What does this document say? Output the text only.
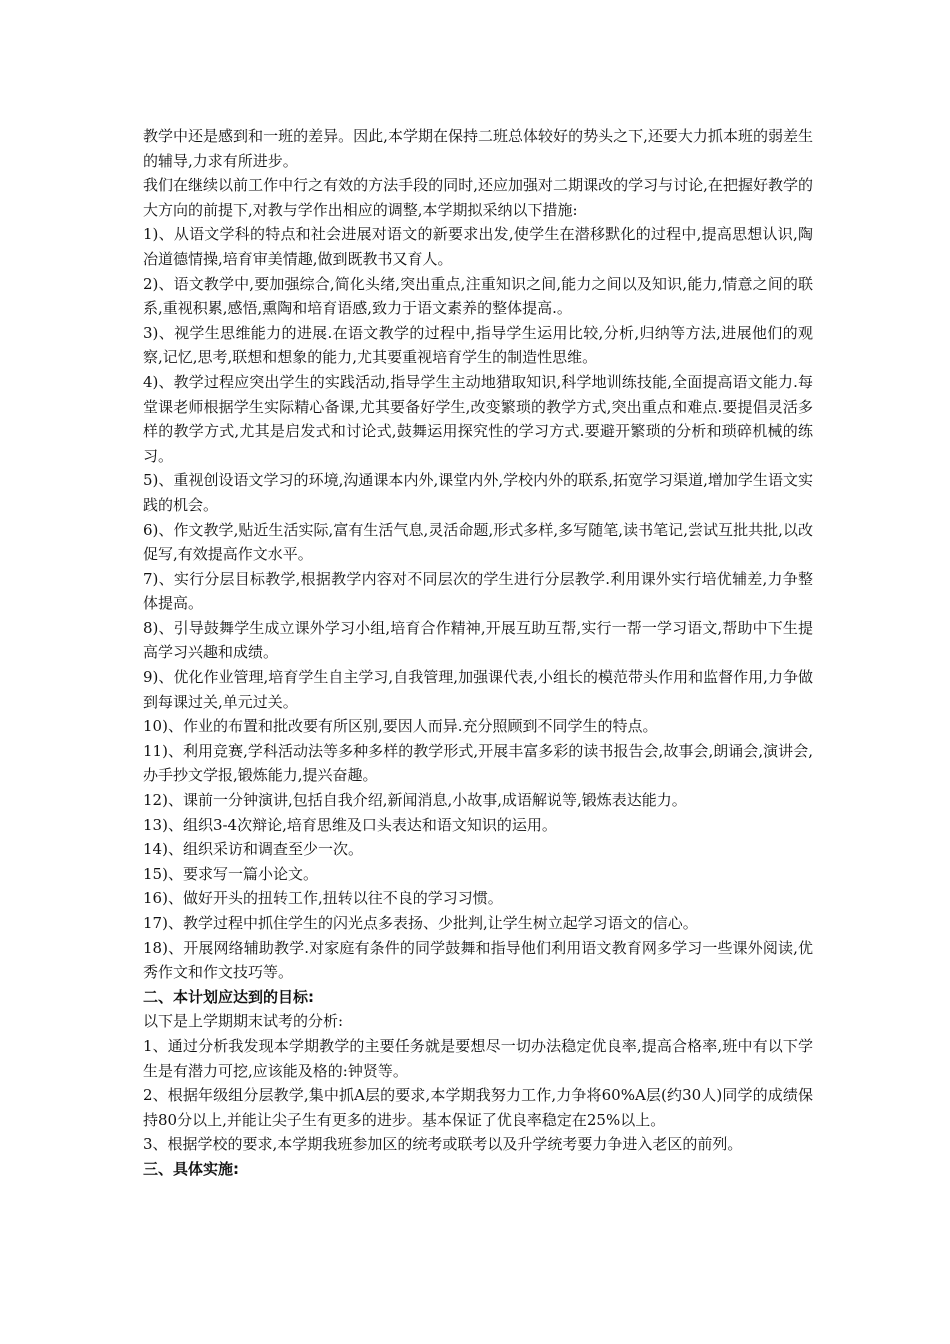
教学中还是感到和一班的差异。因此,本学期在保持二班总体较好的势头之下,还要大力抓本班的弱差生的辅导,力求有所进步。

我们在继续以前工作中行之有效的方法手段的同时,还应加强对二期课改的学习与讨论,在把握好教学的大方向的前提下,对教与学作出相应的调整,本学期拟采纳以下措施:

1)、从语文学科的特点和社会进展对语文的新要求出发,使学生在潜移默化的过程中,提高思想认识,陶冶道德情操,培育审美情趣,做到既教书又育人。

2)、语文教学中,要加强综合,简化头绪,突出重点,注重知识之间,能力之间以及知识,能力,情意之间的联系,重视积累,感悟,熏陶和培育语感,致力于语文素养的整体提高.。

3)、视学生思维能力的进展.在语文教学的过程中,指导学生运用比较,分析,归纳等方法,进展他们的观察,记忆,思考,联想和想象的能力,尤其要重视培育学生的制造性思维。

4)、教学过程应突出学生的实践活动,指导学生主动地猎取知识,科学地训练技能,全面提高语文能力.每堂课老师根据学生实际精心备课,尤其要备好学生,改变繁琐的教学方式,突出重点和难点.要提倡灵活多样的教学方式,尤其是启发式和讨论式,鼓舞运用探究性的学习方式.要避开繁琐的分析和琐碎机械的练习。

5)、重视创设语文学习的环境,沟通课本内外,课堂内外,学校内外的联系,拓宽学习渠道,增加学生语文实践的机会。

6)、作文教学,贴近生活实际,富有生活气息,灵活命题,形式多样,多写随笔,读书笔记,尝试互批共批,以改促写,有效提高作文水平。

7)、实行分层目标教学,根据教学内容对不同层次的学生进行分层教学.利用课外实行培优辅差,力争整体提高。

8)、引导鼓舞学生成立课外学习小组,培育合作精神,开展互助互帮,实行一帮一学习语文,帮助中下生提高学习兴趣和成绩。

9)、优化作业管理,培育学生自主学习,自我管理,加强课代表,小组长的模范带头作用和监督作用,力争做到每课过关,单元过关。

10)、作业的布置和批改要有所区别,要因人而异.充分照顾到不同学生的特点。

11)、利用竞赛,学科活动法等多种多样的教学形式,开展丰富多彩的读书报告会,故事会,朗诵会,演讲会,办手抄文学报,锻炼能力,提兴奋趣。

12)、课前一分钟演讲,包括自我介绍,新闻消息,小故事,成语解说等,锻炼表达能力。

13)、组织3-4次辩论,培育思维及口头表达和语文知识的运用。

14)、组织采访和调查至少一次。

15)、要求写一篇小论文。

16)、做好开头的扭转工作,扭转以往不良的学习习惯。

17)、教学过程中抓住学生的闪光点多表扬、少批判,让学生树立起学习语文的信心。

18)、开展网络辅助教学.对家庭有条件的同学鼓舞和指导他们利用语文教育网多学习一些课外阅读,优秀作文和作文技巧等。

二、本计划应达到的目标:

以下是上学期期末试考的分析:

1、通过分析我发现本学期教学的主要任务就是要想尽一切办法稳定优良率,提高合格率,班中有以下学生是有潜力可挖,应该能及格的:钟贤等。

2、根据年级组分层教学,集中抓A层的要求,本学期我努力工作,力争将60%A层(约30人)同学的成绩保持80分以上,并能让尖子生有更多的进步。基本保证了优良率稳定在25%以上。

3、根据学校的要求,本学期我班参加区的统考或联考以及升学统考要力争进入老区的前列。

三、具体实施:
